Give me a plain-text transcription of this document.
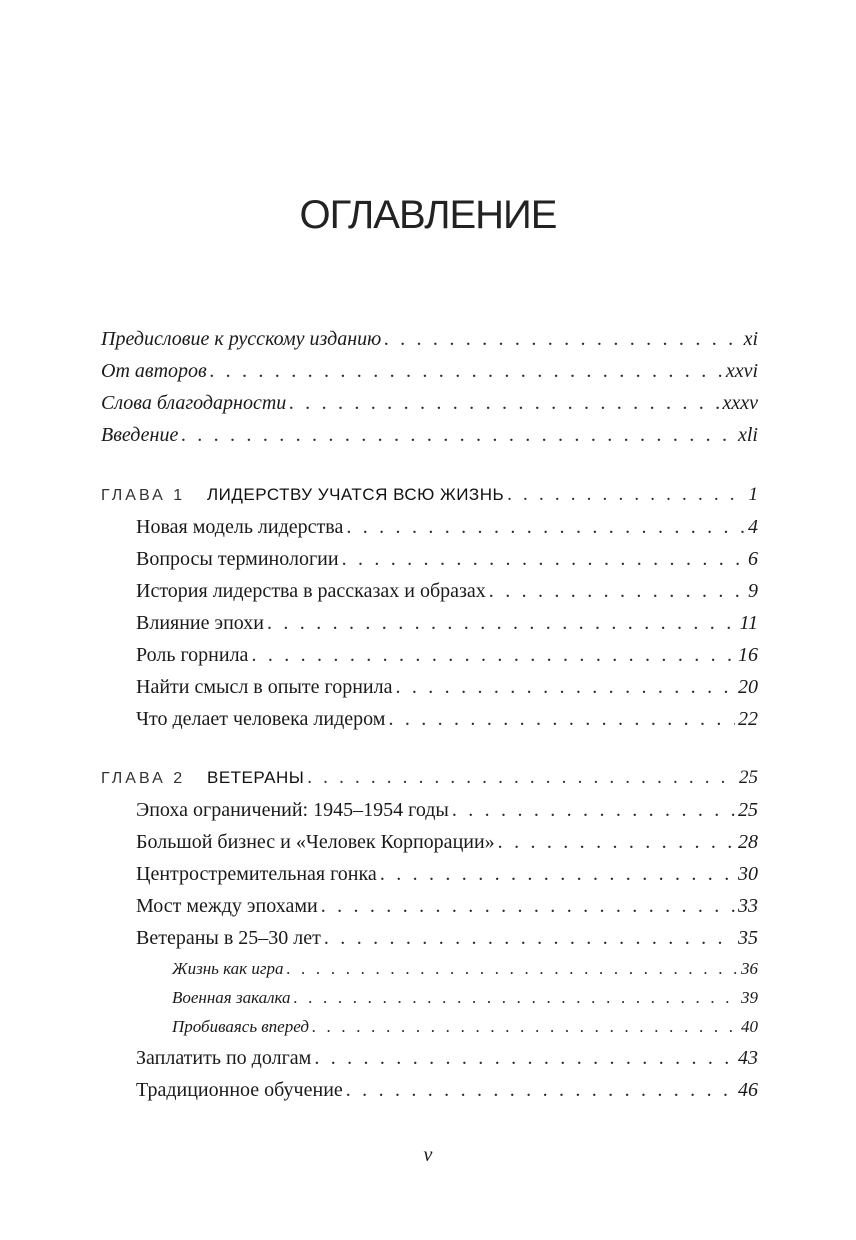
ОГЛАВЛЕНИЕ
Предисловие к русскому изданию . . .	xi
От авторов . . .	xxvi
Слова благодарности . . .	xxxv
Введение . . .	xli
ГЛАВА 1 ЛИДЕРСТВУ УЧАТСЯ ВСЮ ЖИЗНЬ . . .	1
Новая модель лидерства . . .	4
Вопросы терминологии . . .	6
История лидерства в рассказах и образах . . .	9
Влияние эпохи . . .	11
Роль горнила . . .	16
Найти смысл в опыте горнила . . .	20
Что делает человека лидером . . .	22
ГЛАВА 2 ВЕТЕРАНЫ . . .	25
Эпоха ограничений: 1945–1954 годы . . .	25
Большой бизнес и «Человек Корпорации» . . .	28
Центростремительная гонка . . .	30
Мост между эпохами . . .	33
Ветераны в 25–30 лет . . .	35
Жизнь как игра . . .	36
Военная закалка . . .	39
Пробиваясь вперед . . .	40
Заплатить по долгам . . .	43
Традиционное обучение . . .	46
v
